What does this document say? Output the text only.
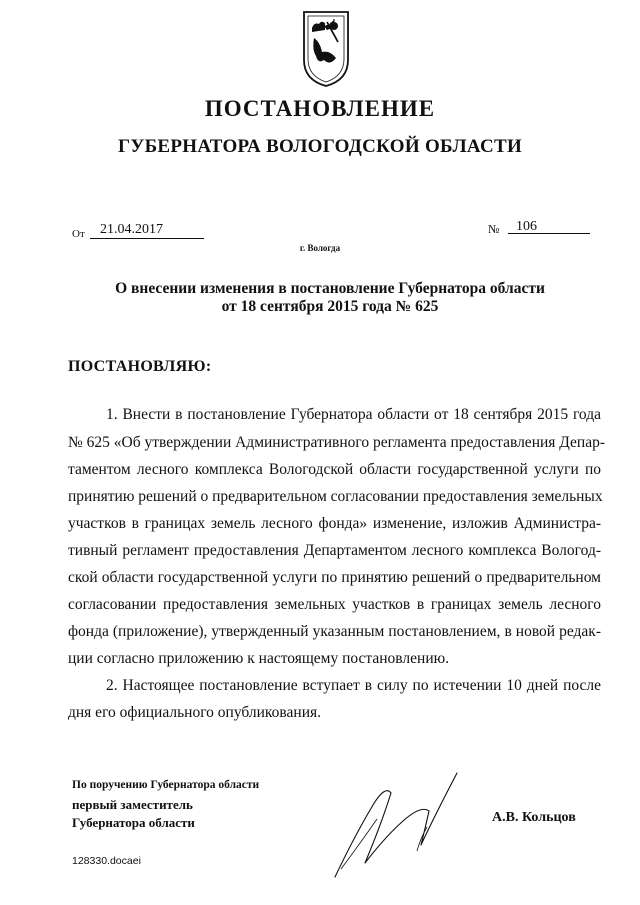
ПОСТАНОВЛЕНИЕ
ГУБЕРНАТОРА ВОЛОГОДСКОЙ ОБЛАСТИ
От 21.04.2017	№ 106
г. Вологда
О внесении изменения в постановление Губернатора области
от 18 сентября 2015 года № 625
ПОСТАНОВЛЯЮ:
1. Внести в постановление Губернатора области от 18 сентября 2015 года
№ 625 «Об утверждении Административного регламента предоставления Депар-
таментом лесного комплекса Вологодской области государственной услуги по
принятию решений о предварительном согласовании предоставления земельных
участков в границах земель лесного фонда» изменение, изложив Администра-
тивный регламент предоставления Департаментом лесного комплекса Вологод-
ской области государственной услуги по принятию решений о предварительном
согласовании предоставления земельных участков в границах земель лесного
фонда (приложение), утвержденный указанным постановлением, в новой редак-
ции согласно приложению к настоящему постановлению.
2. Настоящее постановление вступает в силу по истечении 10 дней после
дня его официального опубликования.
По поручению Губернатора области
первый заместитель
Губернатора области	А.В. Кольцов
128330.docaei
